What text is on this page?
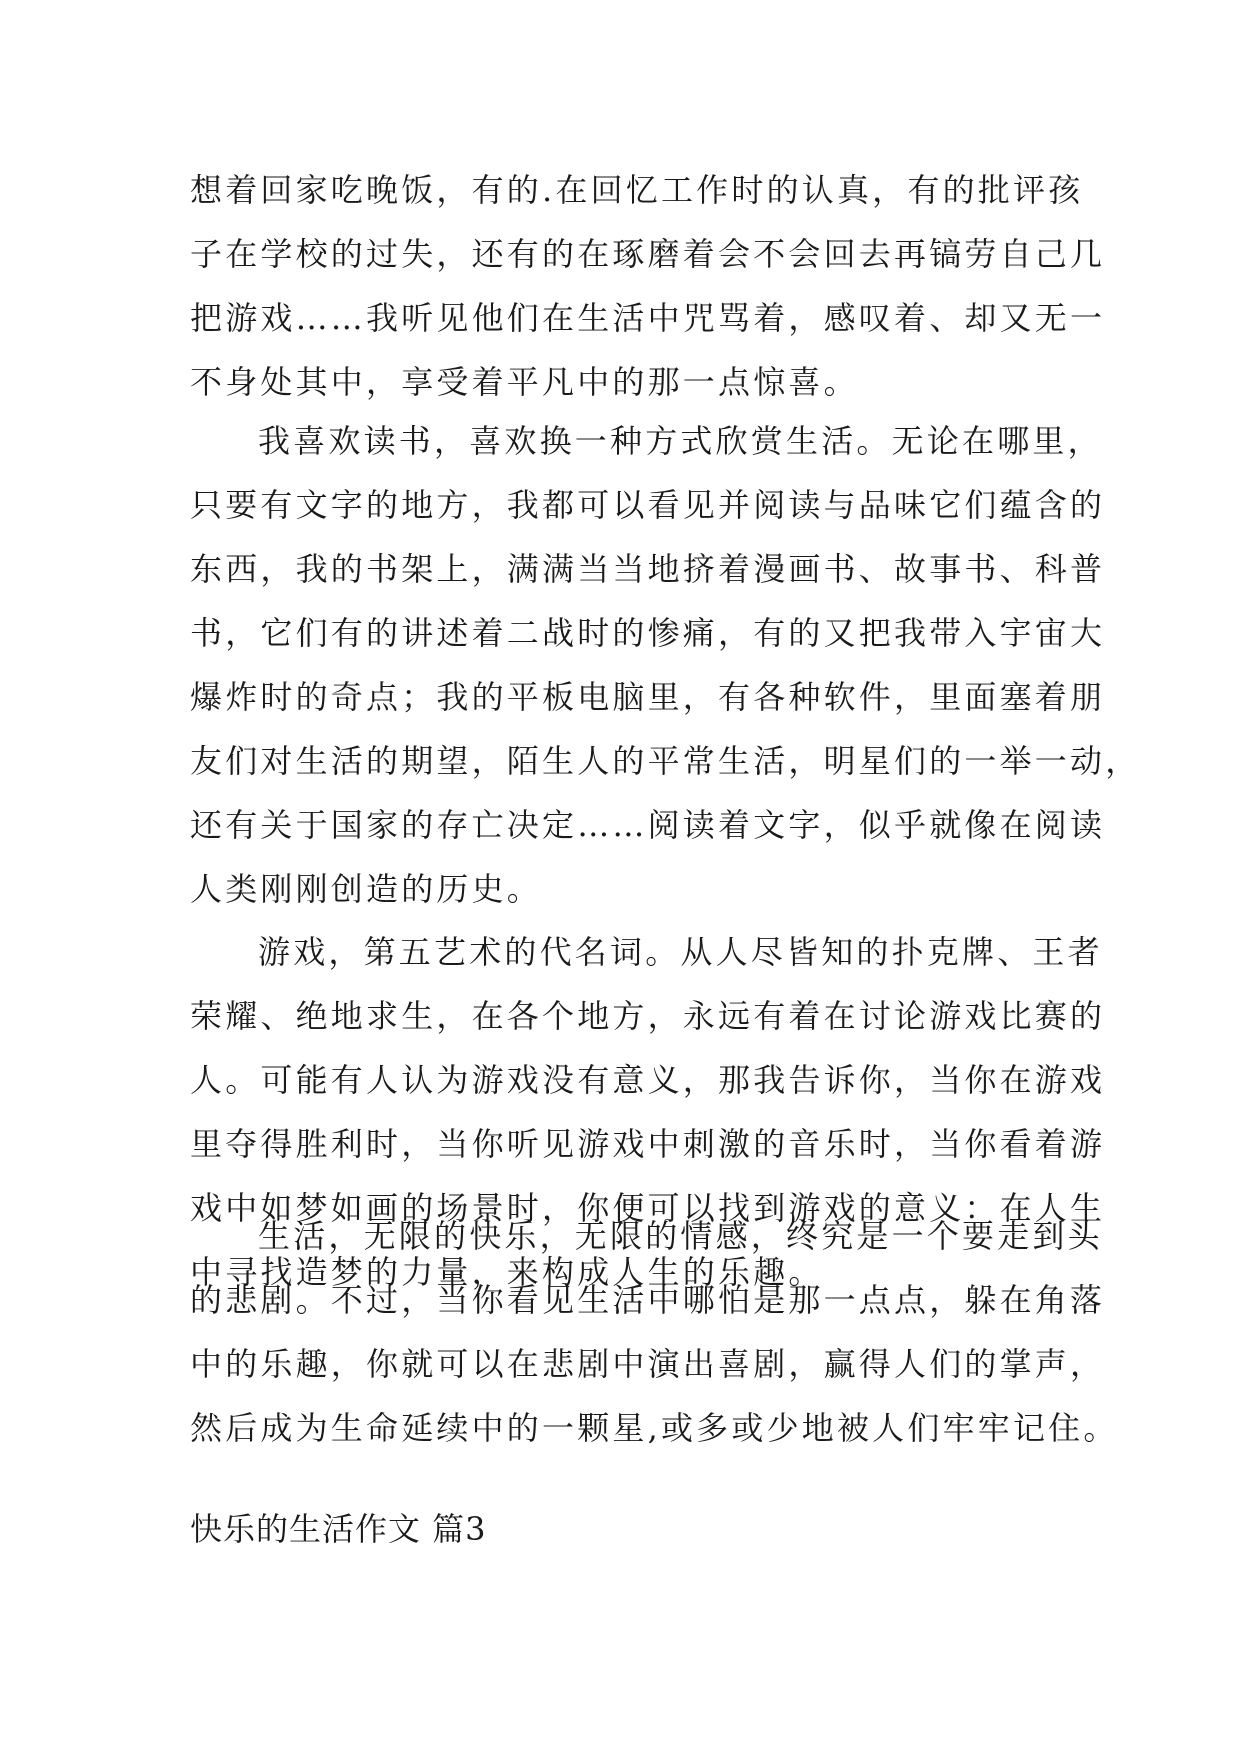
想着回家吃晚饭，有的.在回忆工作时的认真，有的批评孩
子在学校的过失，还有的在琢磨着会不会回去再镐劳自己几
把游戏……我听见他们在生活中咒骂着，感叹着、却又无一
不身处其中，享受着平凡中的那一点惊喜。
我喜欢读书，喜欢换一种方式欣赏生活。无论在哪里，
只要有文字的地方，我都可以看见并阅读与品味它们蕴含的
东西，我的书架上，满满当当地挤着漫画书、故事书、科普
书，它们有的讲述着二战时的惨痛，有的又把我带入宇宙大
爆炸时的奇点；我的平板电脑里，有各种软件，里面塞着朋
友们对生活的期望，陌生人的平常生活，明星们的一举一动，
还有关于国家的存亡决定……阅读着文字，似乎就像在阅读
人类刚刚创造的历史。
游戏，第五艺术的代名词。从人尽皆知的扑克牌、王者
荣耀、绝地求生，在各个地方，永远有着在讨论游戏比赛的
人。可能有人认为游戏没有意义，那我告诉你，当你在游戏
里夺得胜利时，当你听见游戏中刺激的音乐时，当你看着游
戏中如梦如画的场景时，你便可以找到游戏的意义：在人生
中寻找造梦的力量，来构成人生的乐趣。
生活，无限的快乐，无限的情感，终究是一个要走到头
的悲剧。不过，当你看见生活中哪怕是那一点点，躲在角落
中的乐趣，你就可以在悲剧中演出喜剧，赢得人们的掌声，
然后成为生命延续中的一颗星,或多或少地被人们牢牢记住。
快乐的生活作文 篇3
